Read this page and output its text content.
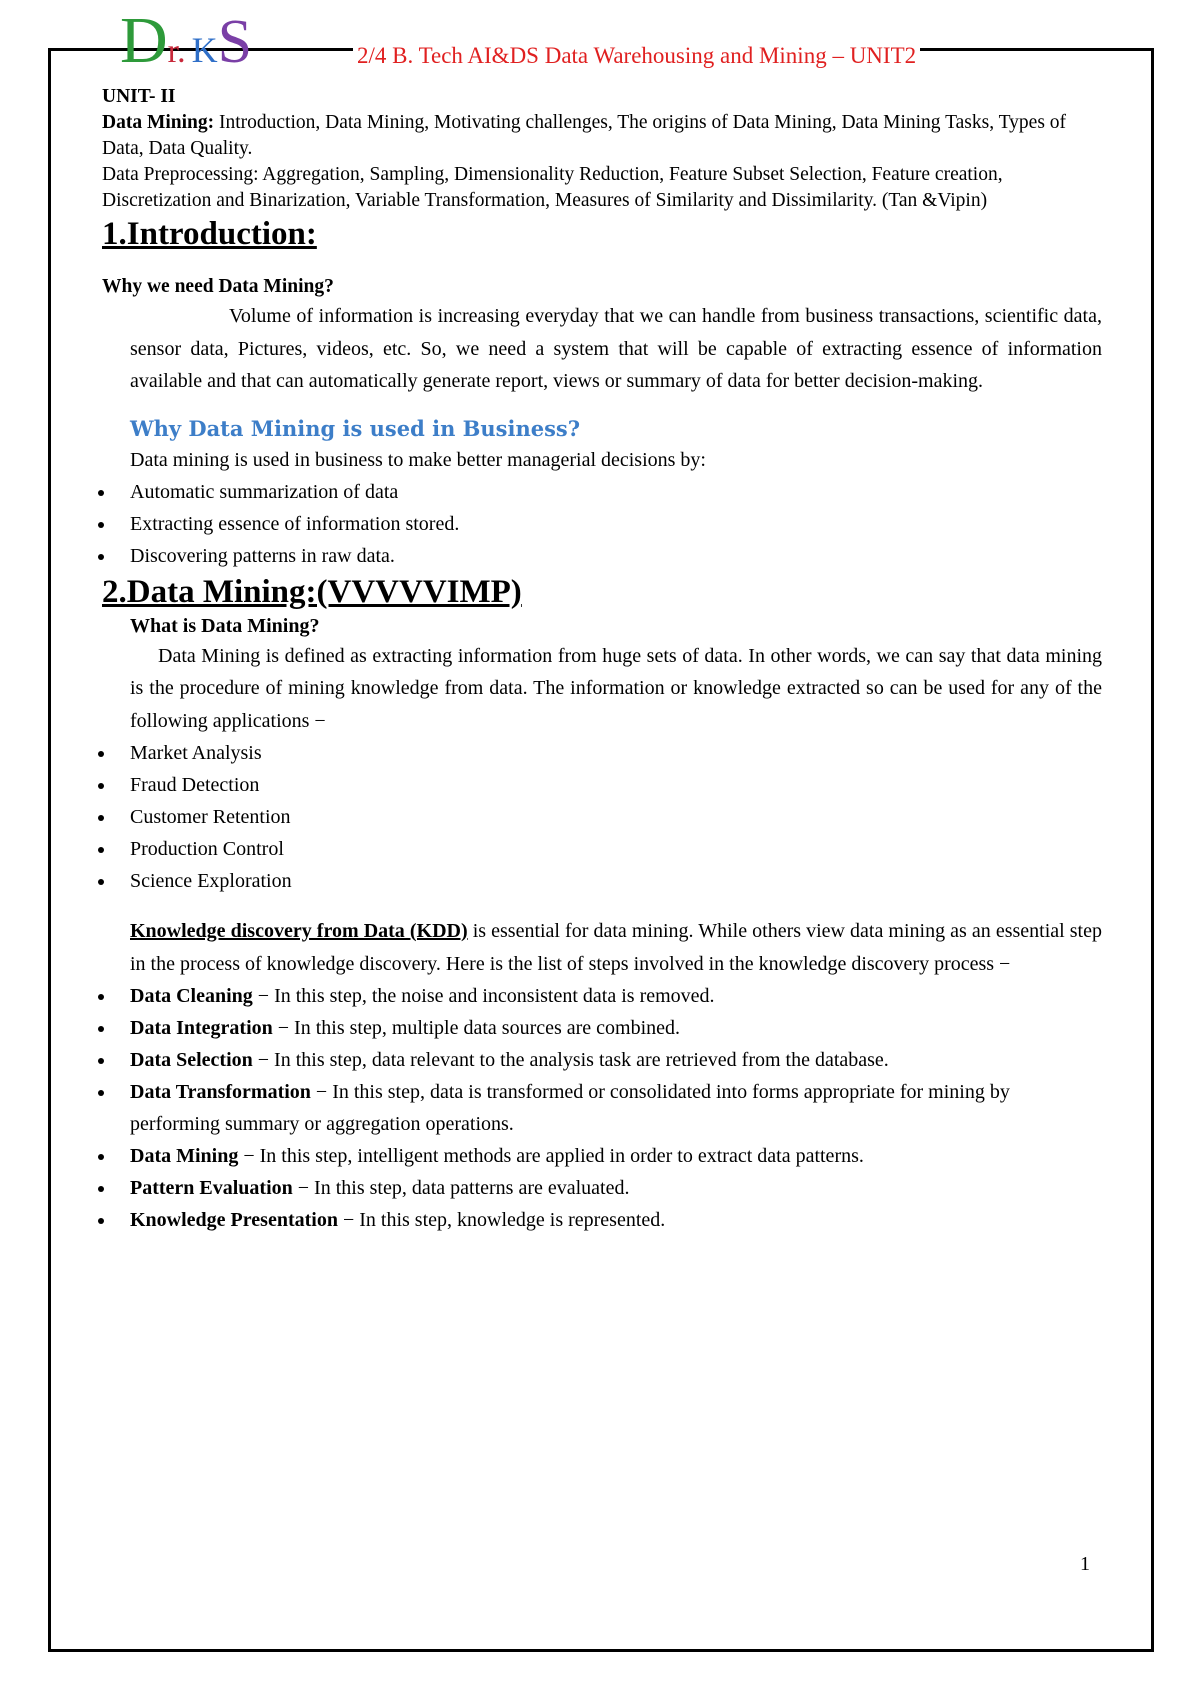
Dr. KS	2/4 B. Tech AI&DS Data Warehousing and Mining – UNIT2

UNIT- II

Data Mining: Introduction, Data Mining, Motivating challenges, The origins of Data Mining, Data Mining Tasks, Types of Data, Data Quality.

Data Preprocessing: Aggregation, Sampling, Dimensionality Reduction, Feature Subset Selection, Feature creation, Discretization and Binarization, Variable Transformation, Measures of Similarity and Dissimilarity. (Tan &Vipin)

1.Introduction:
Why we need Data Mining?
Volume of information is increasing everyday that we can handle from business transactions, scientific data, sensor data, Pictures, videos, etc. So, we need a system that will be capable of extracting essence of information available and that can automatically generate report, views or summary of data for better decision-making.
Why Data Mining is used in Business?
Data mining is used in business to make better managerial decisions by:
Automatic summarization of data
Extracting essence of information stored.
Discovering patterns in raw data.
2.Data Mining:(VVVVVIMP)
What is Data Mining?
Data Mining is defined as extracting information from huge sets of data. In other words, we can say that data mining is the procedure of mining knowledge from data. The information or knowledge extracted so can be used for any of the following applications −
Market Analysis
Fraud Detection
Customer Retention
Production Control
Science Exploration
Knowledge discovery from Data (KDD) is essential for data mining. While others view data mining as an essential step in the process of knowledge discovery. Here is the list of steps involved in the knowledge discovery process −
Data Cleaning − In this step, the noise and inconsistent data is removed.
Data Integration − In this step, multiple data sources are combined.
Data Selection − In this step, data relevant to the analysis task are retrieved from the database.
Data Transformation − In this step, data is transformed or consolidated into forms appropriate for mining by performing summary or aggregation operations.
Data Mining − In this step, intelligent methods are applied in order to extract data patterns.
Pattern Evaluation − In this step, data patterns are evaluated.
Knowledge Presentation − In this step, knowledge is represented.
1
